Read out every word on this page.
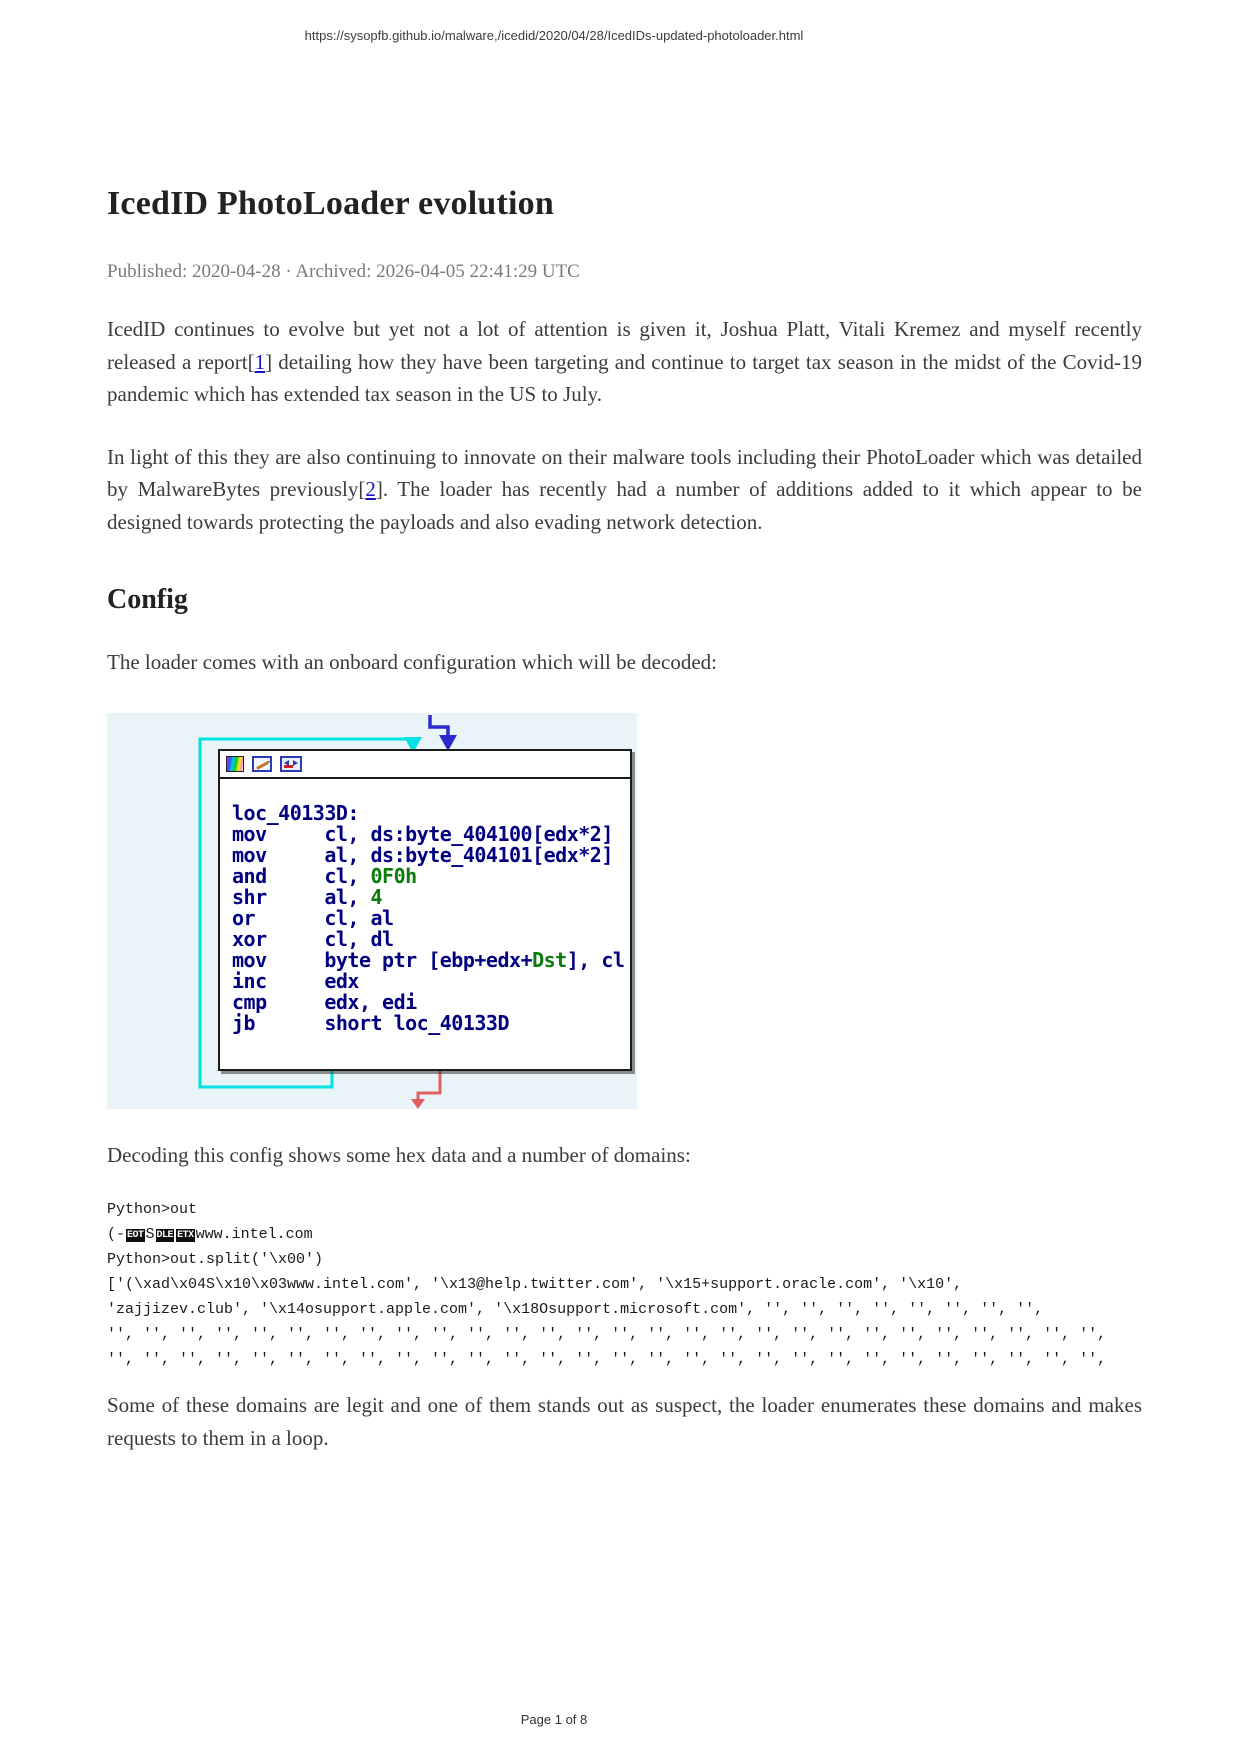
https://sysopfb.github.io/malware,/icedid/2020/04/28/IcedIDs-updated-photoloader.html
IcedID PhotoLoader evolution

Published: 2020-04-28 · Archived: 2026-04-05 22:41:29 UTC

IcedID continues to evolve but yet not a lot of attention is given it, Joshua Platt, Vitali Kremez and myself recently released a report[1] detailing how they have been targeting and continue to target tax season in the midst of the Covid-19 pandemic which has extended tax season in the US to July.

In light of this they are also continuing to innovate on their malware tools including their PhotoLoader which was detailed by MalwareBytes previously[2]. The loader has recently had a number of additions added to it which appear to be designed towards protecting the payloads and also evading network detection.

Config

The loader comes with an onboard configuration which will be decoded:

loc_40133D:
mov     cl, ds:byte_404100[edx*2]
mov     al, ds:byte_404101[edx*2]
and     cl, 0F0h
shr     al, 4
or      cl, al
xor     cl, dl
mov     byte ptr [ebp+edx+Dst], cl
inc     edx
cmp     edx, edi
jb      short loc_40133D

Decoding this config shows some hex data and a number of domains:

Python>out
(- EOT S DLE ETX www.intel.com
Python>out.split('\x00')
['(\xad\x04S\x10\x03www.intel.com', '\x13@help.twitter.com', '\x15+support.oracle.com', '\x10',
'zajjizev.club', '\x14osupport.apple.com', '\x18Osupport.microsoft.com', '', '', '', '', '', '', '', '',
'', '', '', '', '', '', '', '', '', '', '', '', '', '', '', '', '', '', '', '', '', '', '', '', '', '', '', '',
'', '', '', '', '', '', '', '', '', '', '', '', '', '', '', '', '', '', '', '', '', '', '', '', '', '', '', '',

Some of these domains are legit and one of them stands out as suspect, the loader enumerates these domains and makes requests to them in a loop.

Page 1 of 8
